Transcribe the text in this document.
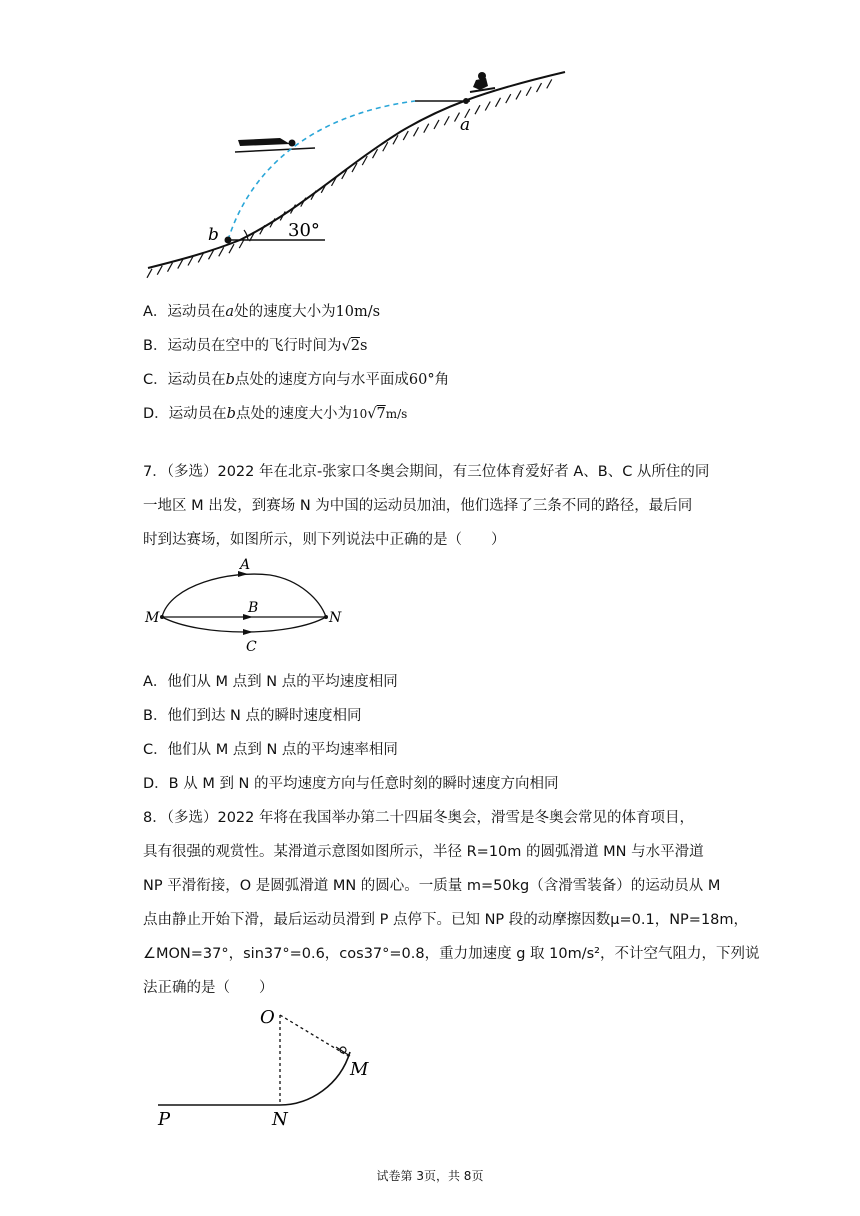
a
b	30°
A．运动员在a处的速度大小为10m/s
B．运动员在空中的飞行时间为√2s
C．运动员在b点处的速度方向与水平面成60°角
D．运动员在b点处的速度大小为10√7m/s
7．（多选）2022 年在北京-张家口冬奥会期间，有三位体育爱好者 A、B、C 从所住的同
一地区 M 出发，到赛场 N 为中国的运动员加油，他们选择了三条不同的路径，最后同
时到达赛场，如图所示，则下列说法中正确的是（　　）
M	N
A
B
C
A．他们从 M 点到 N 点的平均速度相同
B．他们到达 N 点的瞬时速度相同
C．他们从 M 点到 N 点的平均速率相同
D．B 从 M 到 N 的平均速度方向与任意时刻的瞬时速度方向相同
8．（多选）2022 年将在我国举办第二十四届冬奥会，滑雪是冬奥会常见的体育项目，
具有很强的观赏性。某滑道示意图如图所示，半径 R=10m 的圆弧滑道 MN 与水平滑道
NP 平滑衔接，O 是圆弧滑道 MN 的圆心。一质量 m=50kg（含滑雪装备）的运动员从 M
点由静止开始下滑，最后运动员滑到 P 点停下。已知 NP 段的动摩擦因数μ=0.1，NP=18m，
∠MON=37°，sin37°=0.6，cos37°=0.8，重力加速度 g 取 10m/s²，不计空气阻力，下列说
法正确的是（　　）
O
M
N
P
试卷第 3页，共 8页
